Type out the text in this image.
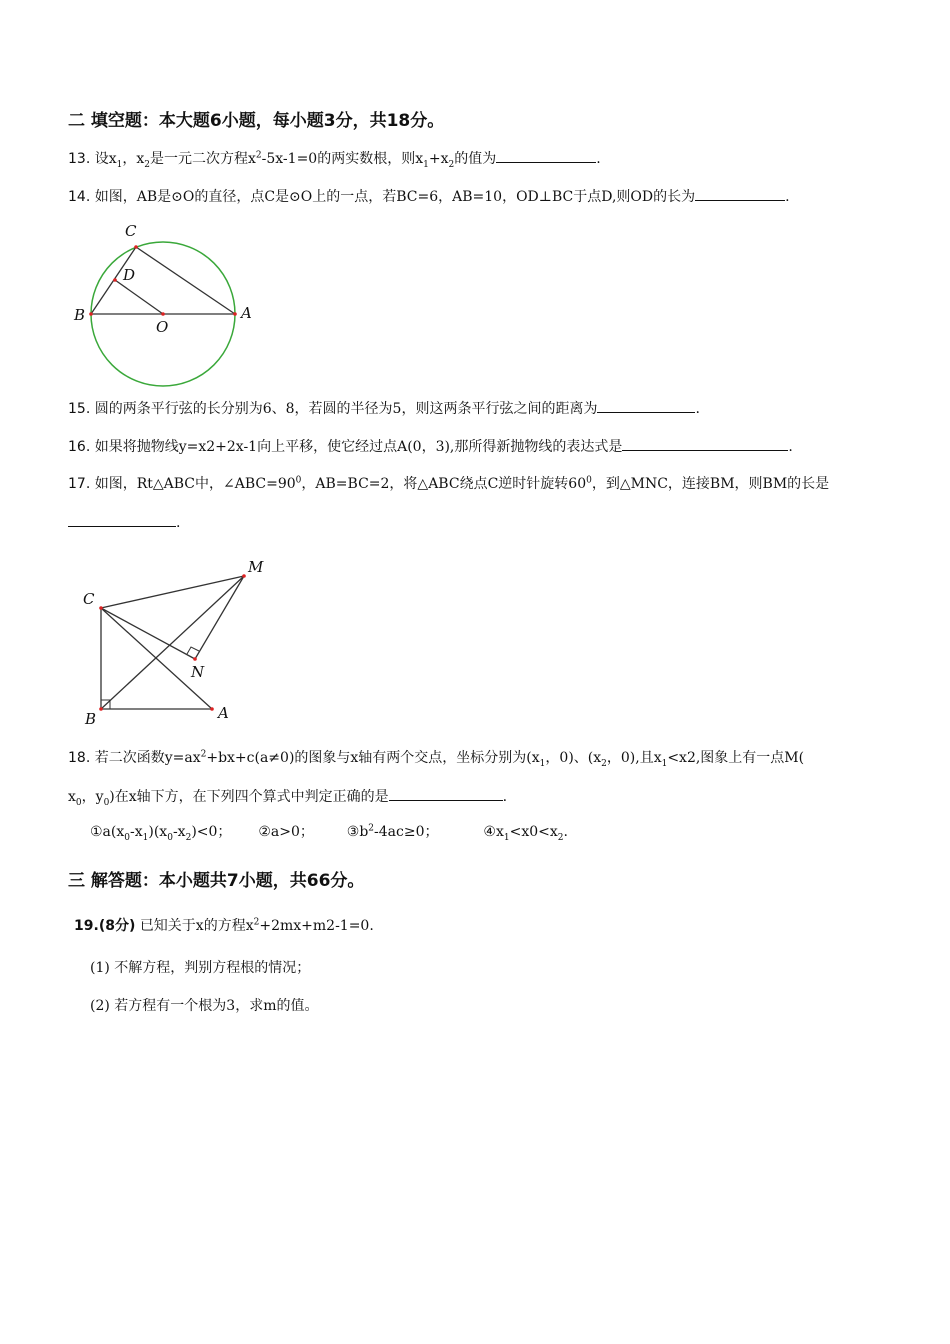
二 填空题：本大题6小题，每小题3分，共18分。
13. 设$x_1$，$x_2$是一元二次方程$x^2-5x-1=0$的两实数根，则$x_1+x_2$的值为	.
14. 如图，AB是⊙O的直径，点C是⊙O上的一点，若BC=6，AB=10，OD⊥BC于点D,则OD的长为	.
C
D
B
O
A
15. 圆的两条平行弦的长分别为6、8，若圆的半径为5，则这两条平行弦之间的距离为	.
16. 如果将抛物线y=x2+2x-1向上平移，使它经过点A(0，3),那所得新抛物线的表达式是	.
17. 如图，Rt△ABC中，$\angle ABC=90^0$，AB=BC=2，将△ABC绕点C逆时针旋转$60^0$，到△MNC，连接BM，则BM的长是
.
M
C
N
B	A
18. 若二次函数$y=ax^2+bx+c(a\ne 0)$的图象与x轴有两个交点，坐标分别为($x_1$，0)、($x_2$，0),且$x_1<x2$,图象上有一点M(
$x_0$，$y_0$)在x轴下方，在下列四个算式中判定正确的是	.
$①a(x_0-x_1)(x_0-x_2)<0$； ②a>0； $③b^2-4ac\ge 0$；	$④x_1<x0<x_2$.
三 解答题：本小题共7小题，共66分。
19.(8分) 已知关于x的方程$x^2+2mx+m2-1=0$.
(1) 不解方程，判别方程根的情况；
(2) 若方程有一个根为3，求m的值。
